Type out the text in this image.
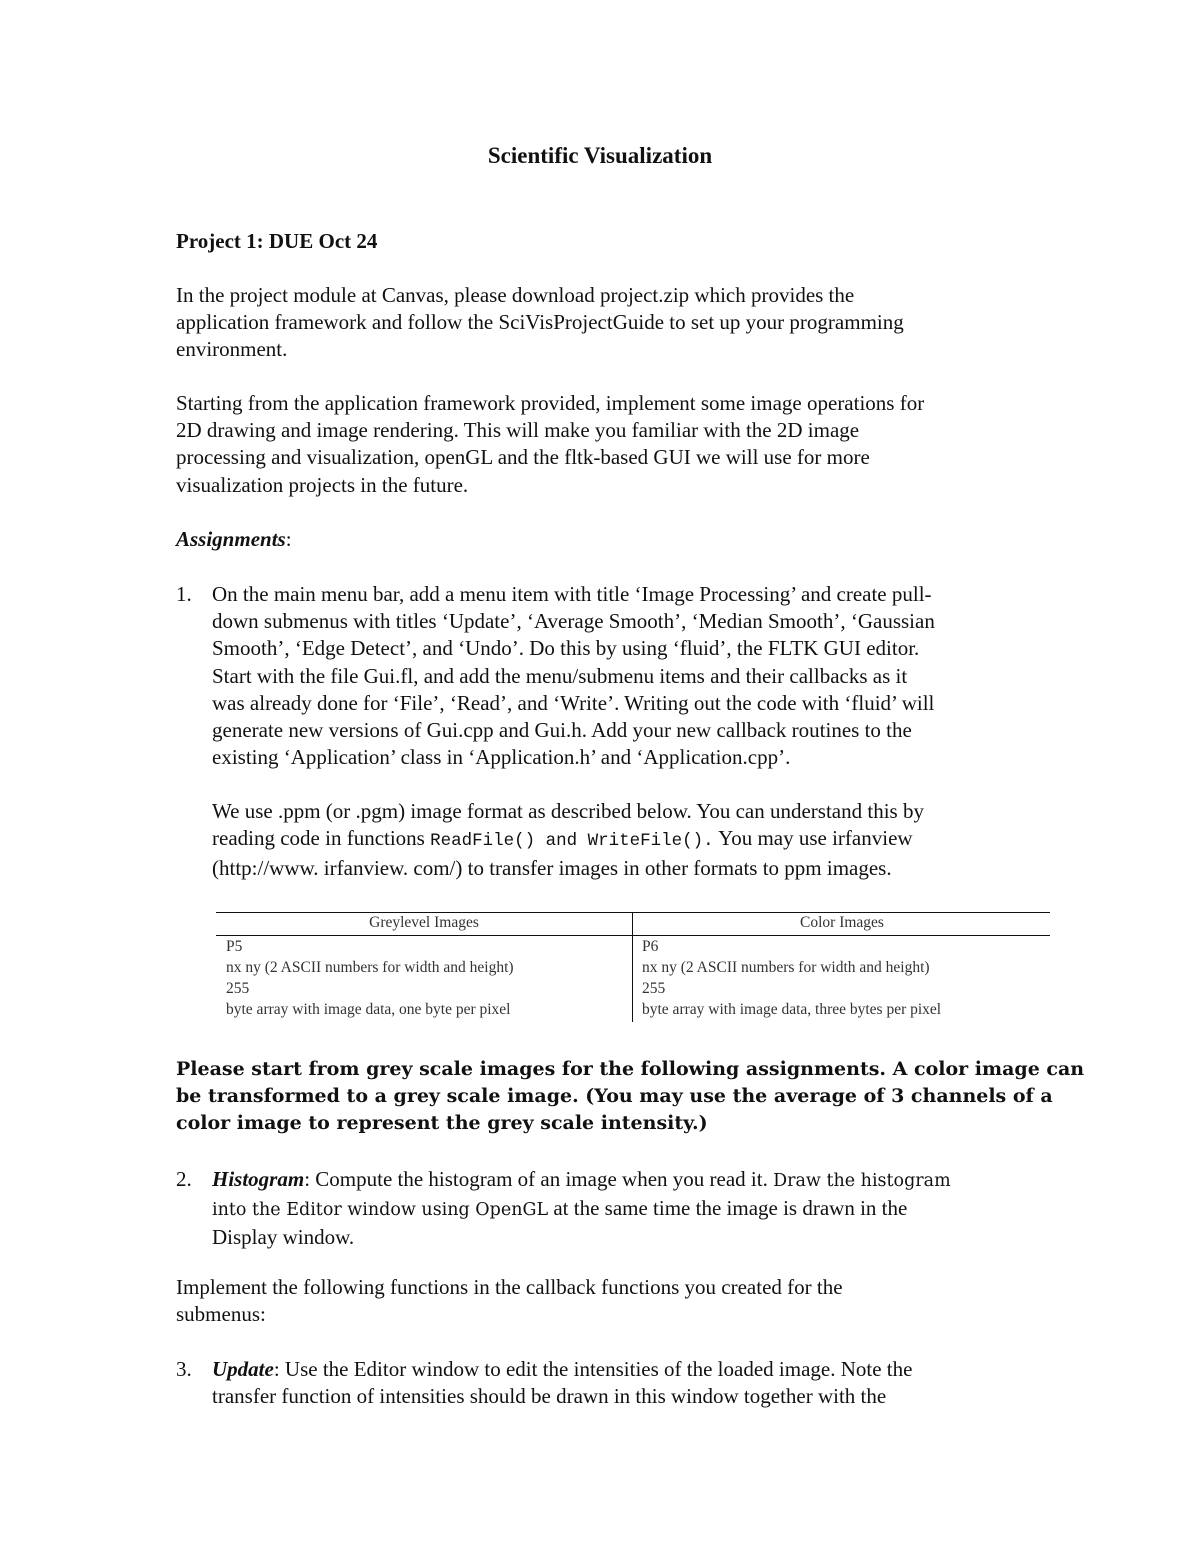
Scientific Visualization
Project 1: DUE Oct 24
In the project module at Canvas, please download project.zip which provides the
application framework and follow the SciVisProjectGuide to set up your programming
environment.
Starting from the application framework provided, implement some image operations for
2D drawing and image rendering. This will make you familiar with the 2D image
processing and visualization, openGL and the fltk-based GUI we will use for more
visualization projects in the future.
Assignments:
1. On the main menu bar, add a menu item with title ‘Image Processing’ and create pull-
down submenus with titles ‘Update’, ‘Average Smooth’, ‘Median Smooth’, ‘Gaussian
Smooth’, ‘Edge Detect’, and ‘Undo’. Do this by using ‘fluid’, the FLTK GUI editor.
Start with the file Gui.fl, and add the menu/submenu items and their callbacks as it
was already done for ‘File’, ‘Read’, and ‘Write’. Writing out the code with ‘fluid’ will
generate new versions of Gui.cpp and Gui.h. Add your new callback routines to the
existing ‘Application’ class in ‘Application.h’ and ‘Application.cpp’.
We use .ppm (or .pgm) image format as described below. You can understand this by
reading code in functions ReadFile() and WriteFile(). You may use irfanview
(http://www. irfanview. com/) to transfer images in other formats to ppm images.
Greylevel Images	Color Images
P5
nx ny (2 ASCII numbers for width and height)
255
byte array with image data, one byte per pixel
P6
nx ny (2 ASCII numbers for width and height)
255
byte array with image data, three bytes per pixel
Please start from grey scale images for the following assignments. A color image can
be transformed to a grey scale image. (You may use the average of 3 channels of a
color image to represent the grey scale intensity.)
2. Histogram: Compute the histogram of an image when you read it. Draw the histogram
into the Editor window using OpenGL at the same time the image is drawn in the
Display window.
Implement the following functions in the callback functions you created for the
submenus:
3. Update: Use the Editor window to edit the intensities of the loaded image. Note the
transfer function of intensities should be drawn in this window together with the
